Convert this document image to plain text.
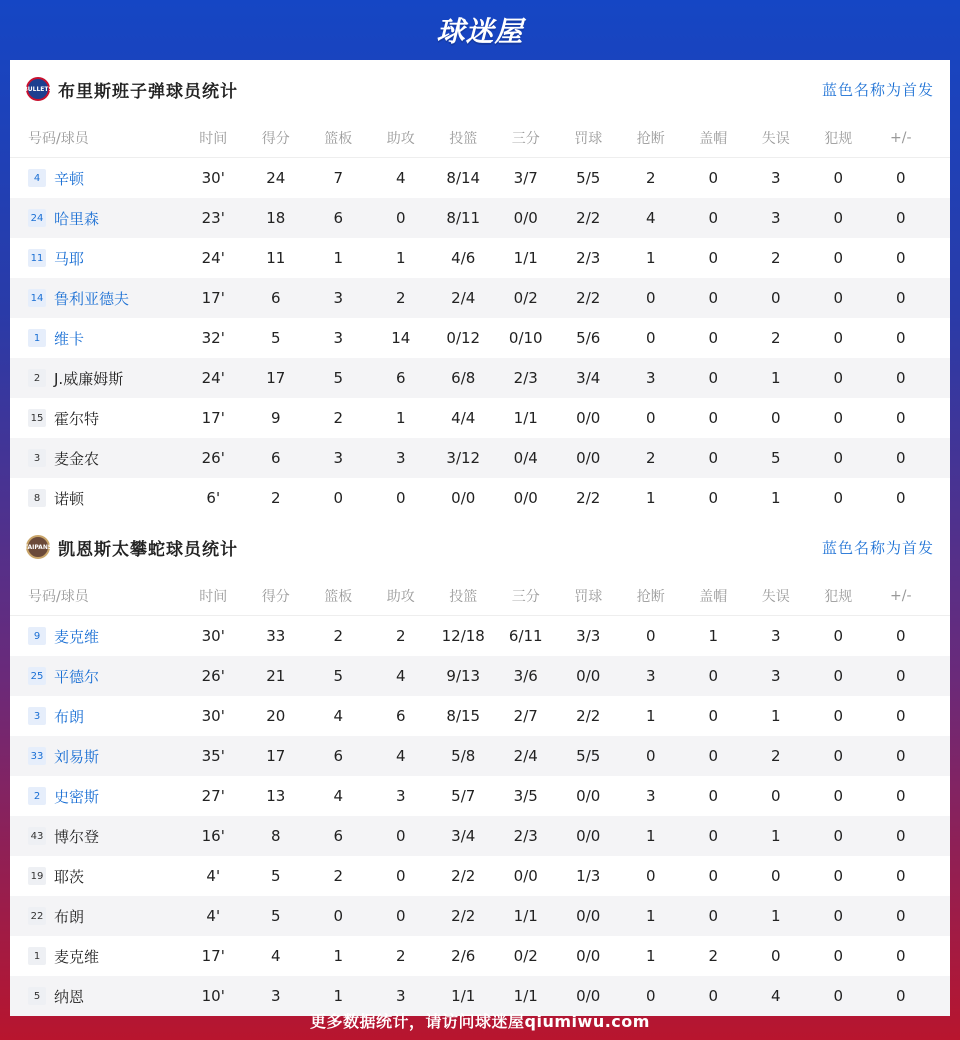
球迷屋
BULLETS 布里斯班子弹球员统计	蓝色名称为首发
号码/球员	时间	得分	篮板	助攻	投篮	三分	罚球	抢断	盖帽	失误	犯规	+/-
4 辛顿	30'	24	7	4	8/14	3/7	5/5	2	0	3	0	0
24 哈里森	23'	18	6	0	8/11	0/0	2/2	4	0	3	0	0
11 马耶	24'	11	1	1	4/6	1/1	2/3	1	0	2	0	0
14 鲁利亚德夫	17'	6	3	2	2/4	0/2	2/2	0	0	0	0	0
1 维卡	32'	5	3	14	0/12	0/10	5/6	0	0	2	0	0
2 J.威廉姆斯	24'	17	5	6	6/8	2/3	3/4	3	0	1	0	0
15 霍尔特	17'	9	2	1	4/4	1/1	0/0	0	0	0	0	0
3 麦金农	26'	6	3	3	3/12	0/4	0/0	2	0	5	0	0
8 诺顿	6'	2	0	0	0/0	0/0	2/2	1	0	1	0	0
TAIPANS 凯恩斯太攀蛇球员统计	蓝色名称为首发
号码/球员	时间	得分	篮板	助攻	投篮	三分	罚球	抢断	盖帽	失误	犯规	+/-
9 麦克维	30'	33	2	2	12/18	6/11	3/3	0	1	3	0	0
25 平德尔	26'	21	5	4	9/13	3/6	0/0	3	0	3	0	0
3 布朗	30'	20	4	6	8/15	2/7	2/2	1	0	1	0	0
33 刘易斯	35'	17	6	4	5/8	2/4	5/5	0	0	2	0	0
2 史密斯	27'	13	4	3	5/7	3/5	0/0	3	0	0	0	0
43 博尔登	16'	8	6	0	3/4	2/3	0/0	1	0	1	0	0
19 耶茨	4'	5	2	0	2/2	0/0	1/3	0	0	0	0	0
22 布朗	4'	5	0	0	2/2	1/1	0/0	1	0	1	0	0
1 麦克维	17'	4	1	2	2/6	0/2	0/0	1	2	0	0	0
5 纳恩	10'	3	1	3	1/1	1/1	0/0	0	0	4	0	0
更多数据统计，请访问球迷屋qiumiwu.com
